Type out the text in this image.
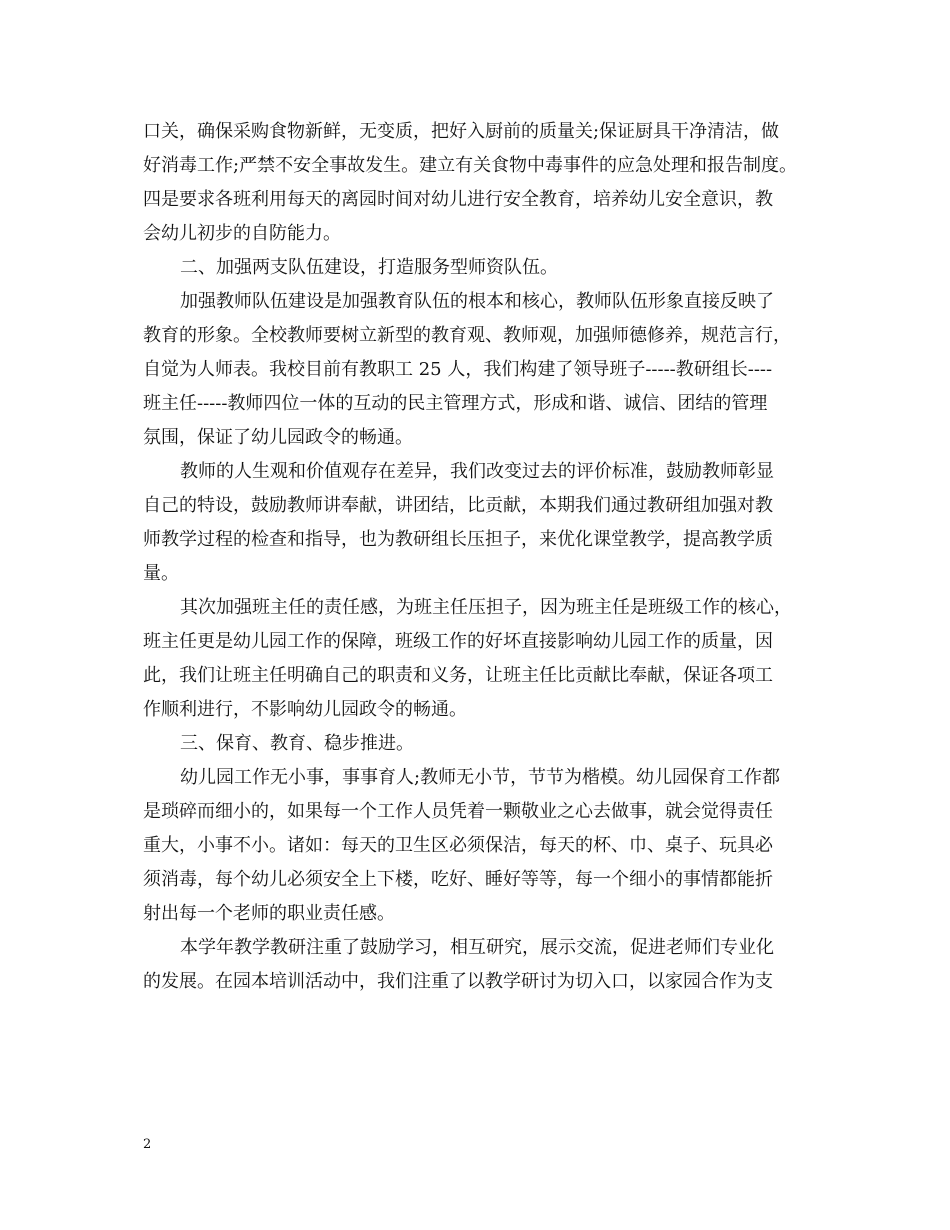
口关，确保采购食物新鲜，无变质，把好入厨前的质量关;保证厨具干净清洁，做
好消毒工作;严禁不安全事故发生。建立有关食物中毒事件的应急处理和报告制度。
四是要求各班利用每天的离园时间对幼儿进行安全教育，培养幼儿安全意识，教
会幼儿初步的自防能力。
二、加强两支队伍建设，打造服务型师资队伍。
加强教师队伍建设是加强教育队伍的根本和核心，教师队伍形象直接反映了
教育的形象。全校教师要树立新型的教育观、教师观，加强师德修养，规范言行，
自觉为人师表。我校目前有教职工 25 人，我们构建了领导班子-----教研组长----
班主任-----教师四位一体的互动的民主管理方式，形成和谐、诚信、团结的管理
氛围，保证了幼儿园政令的畅通。
教师的人生观和价值观存在差异，我们改变过去的评价标准，鼓励教师彰显
自己的特设，鼓励教师讲奉献，讲团结，比贡献，本期我们通过教研组加强对教
师教学过程的检查和指导，也为教研组长压担子，来优化课堂教学，提高教学质
量。
其次加强班主任的责任感，为班主任压担子，因为班主任是班级工作的核心，
班主任更是幼儿园工作的保障，班级工作的好坏直接影响幼儿园工作的质量，因
此，我们让班主任明确自己的职责和义务，让班主任比贡献比奉献，保证各项工
作顺利进行，不影响幼儿园政令的畅通。
三、保育、教育、稳步推进。
幼儿园工作无小事，事事育人;教师无小节，节节为楷模。幼儿园保育工作都
是琐碎而细小的，如果每一个工作人员凭着一颗敬业之心去做事，就会觉得责任
重大，小事不小。诸如：每天的卫生区必须保洁，每天的杯、巾、桌子、玩具必
须消毒，每个幼儿必须安全上下楼，吃好、睡好等等，每一个细小的事情都能折
射出每一个老师的职业责任感。
本学年教学教研注重了鼓励学习，相互研究，展示交流，促进老师们专业化
的发展。在园本培训活动中，我们注重了以教学研讨为切入口，以家园合作为支
2
